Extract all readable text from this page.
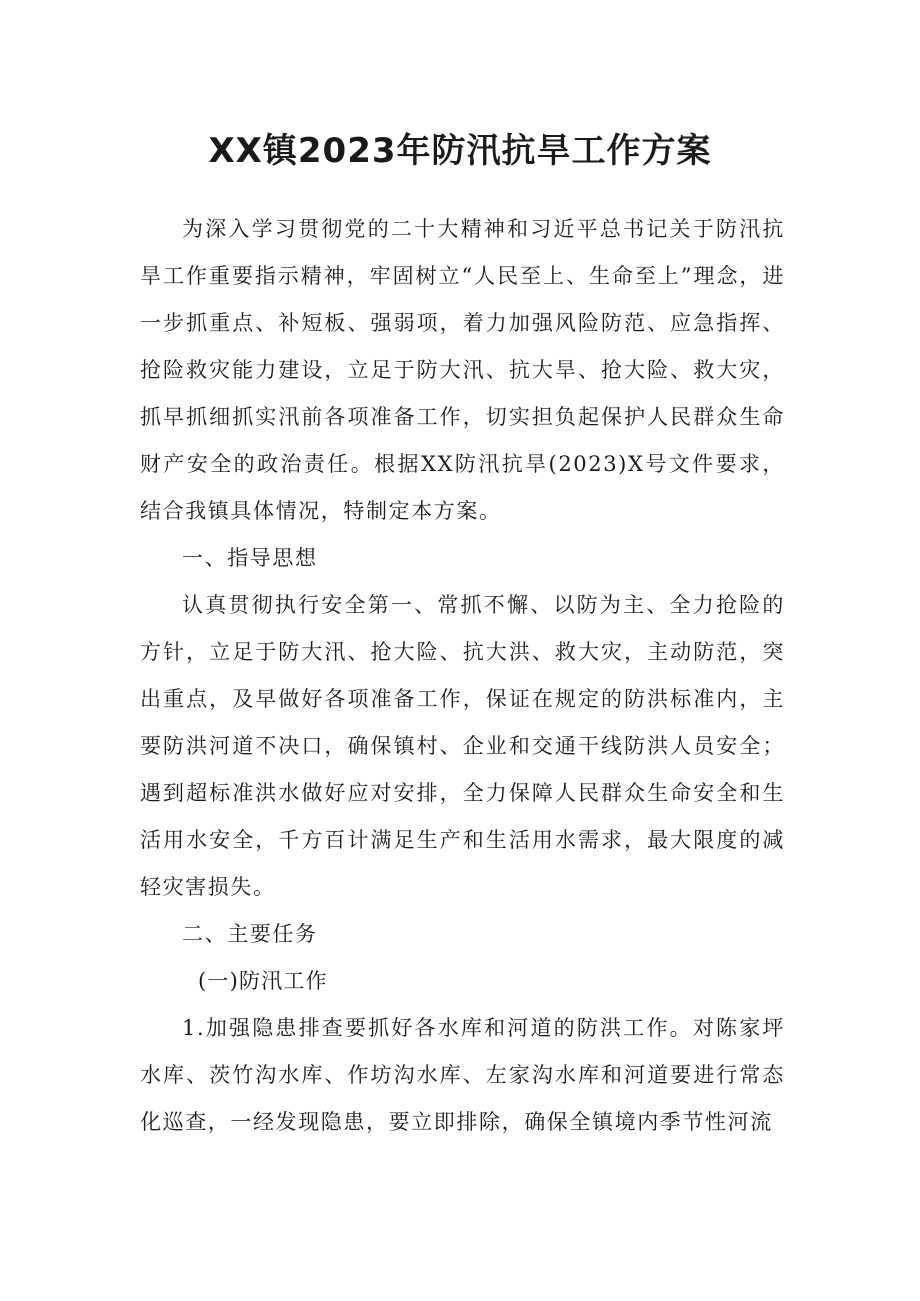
XX镇2023年防汛抗旱工作方案

为深入学习贯彻党的二十大精神和习近平总书记关于防汛抗旱工作重要指示精神，牢固树立“人民至上、生命至上”理念，进一步抓重点、补短板、强弱项，着力加强风险防范、应急指挥、抢险救灾能力建设，立足于防大汛、抗大旱、抢大险、救大灾，抓早抓细抓实汛前各项准备工作，切实担负起保护人民群众生命财产安全的政治责任。根据XX防汛抗旱(2023)X号文件要求，结合我镇具体情况，特制定本方案。

一、指导思想

认真贯彻执行安全第一、常抓不懈、以防为主、全力抢险的方针，立足于防大汛、抢大险、抗大洪、救大灾，主动防范，突出重点，及早做好各项准备工作，保证在规定的防洪标准内，主要防洪河道不决口，确保镇村、企业和交通干线防洪人员安全；遇到超标准洪水做好应对安排，全力保障人民群众生命安全和生活用水安全，千方百计满足生产和生活用水需求，最大限度的减轻灾害损失。

二、主要任务

(一)防汛工作

1.加强隐患排查要抓好各水库和河道的防洪工作。对陈家坪水库、茨竹沟水库、作坊沟水库、左家沟水库和河道要进行常态化巡查，一经发现隐患，要立即排除，确保全镇境内季节性河流
